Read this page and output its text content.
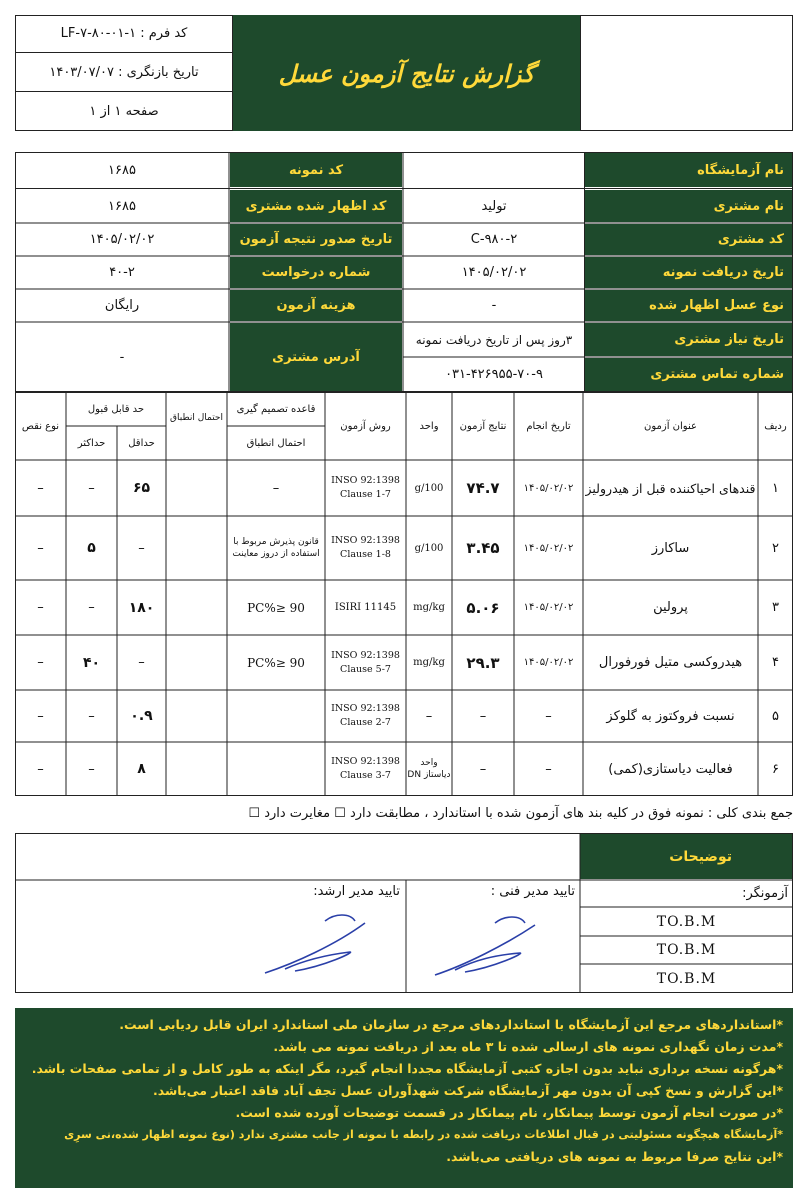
کد فرم : ۱-۰۱-۸۰-۷-LF
تاریخ بازنگری : ۱۴۰۳/۰۷/۰۷
صفحه ۱ از ۱
گزارش نتایج آزمون عسل
نام آزمایشگاه
نام مشتری
کد مشتری
تاریخ دریافت نمونه
نوع عسل اظهار شده
تاریخ نیاز مشتری
شماره تماس مشتری
تولید
C-۹۸۰-۲
۱۴۰۵/۰۲/۰۲
-
۳روز پس از تاریخ دریافت نمونه
۰۳۱-۴۲۶۹۵۵-۷۰-۹
کد نمونه
کد اظهار شده مشتری
تاریخ صدور نتیجه آزمون
شماره درخواست
هزینه آزمون
آدرس مشتری
۱۶۸۵
۱۶۸۵
۱۴۰۵/۰۲/۰۲
۴۰-۲
رایگان
-
ردیف
عنوان آزمون
تاریخ انجام
نتایج آزمون
واحد
روش آزمون
قاعده تصمیم گیری
احتمال انطباق
احتمال انطباق
حد قابل قبول
حداقل
حداکثر
نوع نقص
۱
قندهای احیاکننده قبل از هیدرولیز
۱۴۰۵/۰۲/۰۲
۷۴.۷
g/100
INSO 92:1398
Clause 1-7
–
۶۵
–
–
۲
ساکارز
۱۴۰۵/۰۲/۰۲
۳.۴۵
g/100
INSO 92:1398
Clause 1-8
قانون پذیرش مربوط با استفاده از دروز معاینت
–
۵
–
۳
پرولین
۱۴۰۵/۰۲/۰۲
۵.۰۶
mg/kg
ISIRI 11145
PC%≥ 90
۱۸۰
–
–
۴
هیدروکسی متیل فورفورال
۱۴۰۵/۰۲/۰۲
۲۹.۳
mg/kg
INSO 92:1398
Clause 5-7
PC%≥ 90
–
۴۰
–
۵
نسبت فروکتوز به گلوکز
–
–
–
INSO 92:1398
Clause 2-7
۰.۹
–
–
۶
فعالیت دیاستازی(کمی)
–
–
واحد دیاستاز DN
INSO 92:1398
Clause 3-7
۸
–
–
جمع بندی کلی : نمونه فوق در کلیه بند های آزمون شده با استاندارد ، مطابقت دارد ☐ مغایرت دارد ☐
توضیحات
آزمونگر:
TO.B.M
TO.B.M
TO.B.M
تایید مدیر فنی :
تایید مدیر ارشد:

*استانداردهای مرجع این آزمایشگاه با استانداردهای مرجع در سازمان ملی استاندارد ایران قابل ردیابی است.

*مدت زمان نگهداری نمونه های ارسالی شده تا ۳ ماه بعد از دریافت نمونه می باشد.

*هرگونه نسخه برداری نباید بدون اجازه کتبی آزمایشگاه مجددا انجام گیرد، مگر اینکه به طور کامل و از تمامی صفحات باشد.

*این گزارش و نسخ کپی آن بدون مهر آزمایشگاه شرکت شهدآوران عسل تجف آباد فاقد اعتبار می‌باشد.

*در صورت انجام آزمون توسط پیمانکار، نام پیمانکار در قسمت توضیحات آورده شده است.

*آزمایشگاه هیچگونه مسئولیتی در قبال اطلاعات دریافت شده در رابطه با نمونه از جانب مشتری ندارد (نوع نمونه اظهار شده،نی سرِی

*این نتایج صرفا مربوط به نمونه های دریافتی می‌باشد.
